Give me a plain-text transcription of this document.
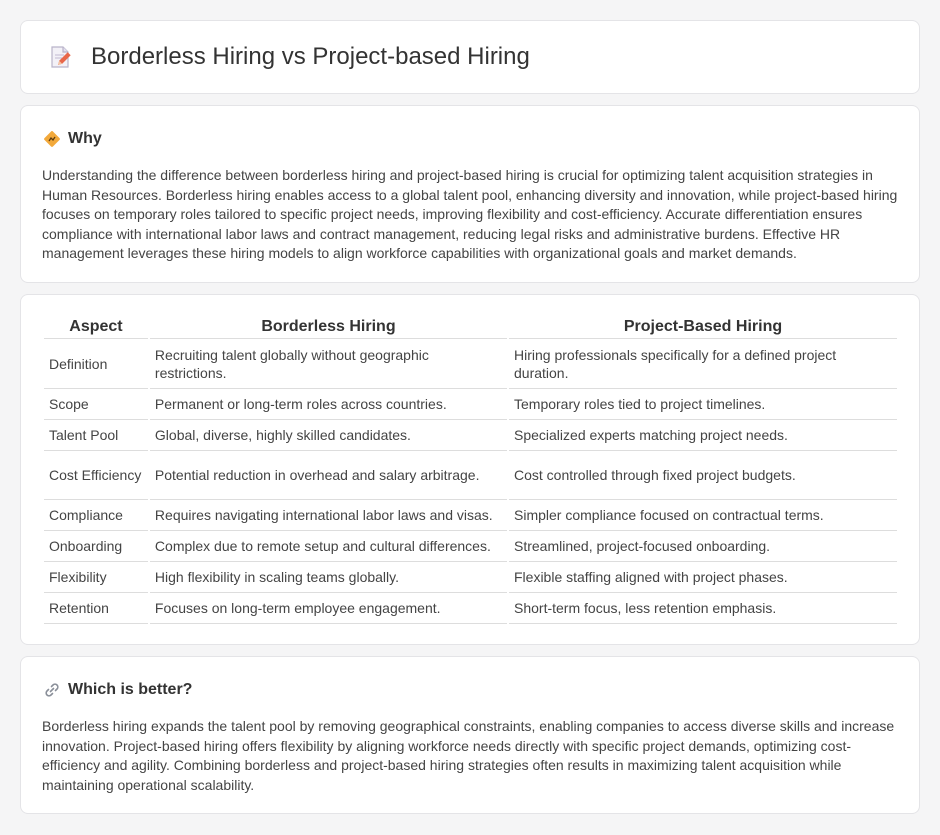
Borderless Hiring vs Project-based Hiring
Why

Understanding the difference between borderless hiring and project-based hiring is crucial for optimizing talent acquisition strategies in Human Resources. Borderless hiring enables access to a global talent pool, enhancing diversity and innovation, while project-based hiring focuses on temporary roles tailored to specific project needs, improving flexibility and cost-efficiency. Accurate differentiation ensures compliance with international labor laws and contract management, reducing legal risks and administrative burdens. Effective HR management leverages these hiring models to align workforce capabilities with organizational goals and market demands.

Aspect	Borderless Hiring	Project-Based Hiring
Definition	Recruiting talent globally without geographic restrictions.	Hiring professionals specifically for a defined project duration.
Scope	Permanent or long-term roles across countries.	Temporary roles tied to project timelines.
Talent Pool	Global, diverse, highly skilled candidates.	Specialized experts matching project needs.
Cost Efficiency	Potential reduction in overhead and salary arbitrage.	Cost controlled through fixed project budgets.
Compliance	Requires navigating international labor laws and visas.	Simpler compliance focused on contractual terms.
Onboarding	Complex due to remote setup and cultural differences.	Streamlined, project-focused onboarding.
Flexibility	High flexibility in scaling teams globally.	Flexible staffing aligned with project phases.
Retention	Focuses on long-term employee engagement.	Short-term focus, less retention emphasis.
Which is better?

Borderless hiring expands the talent pool by removing geographical constraints, enabling companies to access diverse skills and increase innovation. Project-based hiring offers flexibility by aligning workforce needs directly with specific project demands, optimizing cost-efficiency and agility. Combining borderless and project-based hiring strategies often results in maximizing talent acquisition while maintaining operational scalability.
